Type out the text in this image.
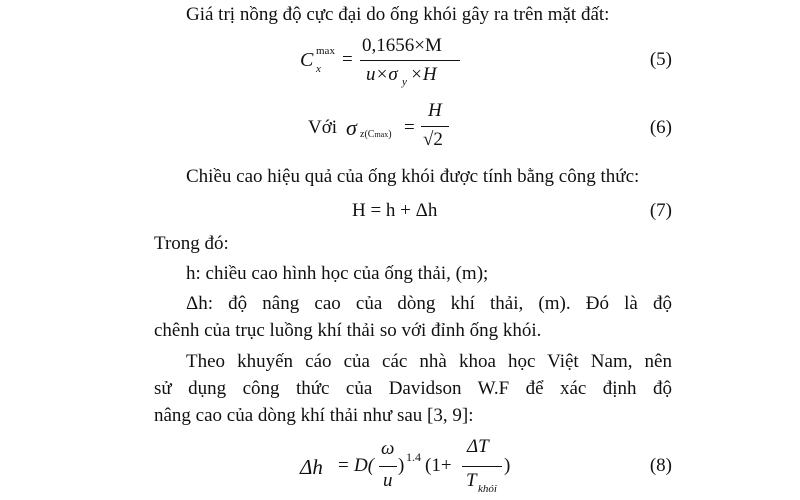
Giá trị nồng độ cực đại do ống khói gây ra trên mặt đất:
C max
x =
0,1656×M
u×σ y ×H
(5)
Với σ z(Cmax) =
H
√2
(6)
Chiều cao hiệu quả của ống khói được tính bằng công thức:
H = h + Δh	(7)
Trong đó:
h: chiều cao hình học của ống thải, (m);
Δh: độ nâng cao của dòng khí thải, (m). Đó là độ
chênh của trục luồng khí thải so với đỉnh ống khói.
Theo khuyến cáo của các nhà khoa học Việt Nam, nên
sử dụng công thức của Davidson W.F để xác định độ
nâng cao của dòng khí thải như sau [3, 9]:
Δh = D(
ω
u
) 1.4 (1+
ΔT
T khói
)	(8)
